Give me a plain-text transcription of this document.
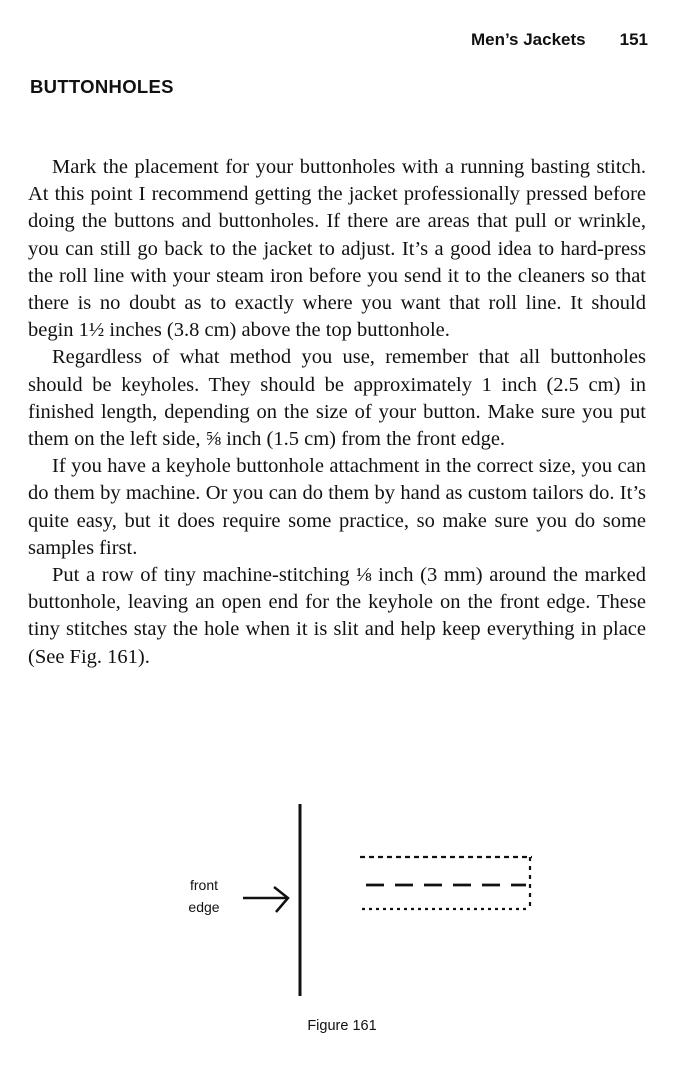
Men’s Jackets 151
BUTTONHOLES

Mark the placement for your buttonholes with a running basting stitch. At this point I recommend getting the jacket professionally pressed before doing the buttons and buttonholes. If there are areas that pull or wrinkle, you can still go back to the jacket to adjust. It’s a good idea to hard-press the roll line with your steam iron before you send it to the cleaners so that there is no doubt as to exactly where you want that roll line. It should begin 1½ inches (3.8 cm) above the top buttonhole.

Regardless of what method you use, remember that all buttonholes should be keyholes. They should be approximately 1 inch (2.5 cm) in finished length, depending on the size of your button. Make sure you put them on the left side, ⅝ inch (1.5 cm) from the front edge.

If you have a keyhole buttonhole attachment in the correct size, you can do them by machine. Or you can do them by hand as custom tailors do. It’s quite easy, but it does require some practice, so make sure you do some samples first.

Put a row of tiny machine-stitching ⅛ inch (3 mm) around the marked buttonhole, leaving an open end for the keyhole on the front edge. These tiny stitches stay the hole when it is slit and help keep everything in place (See Fig. 161).

front
edge
Figure 161
